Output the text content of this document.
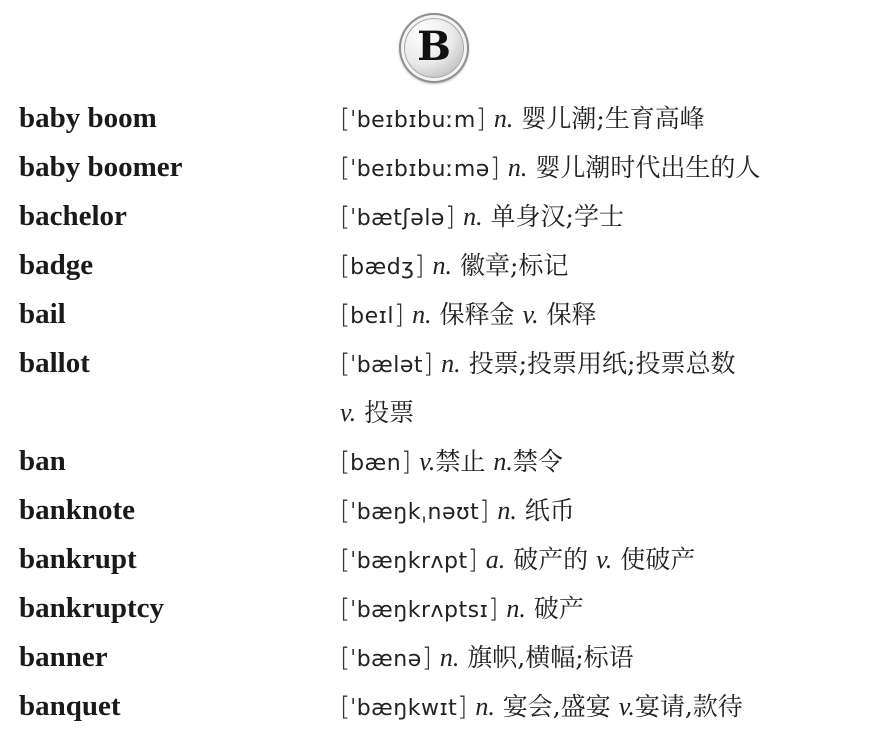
B
baby boom	[ˈbeɪbɪbuːm] n. 婴儿潮;生育高峰
baby boomer	[ˈbeɪbɪbuːmə] n. 婴儿潮时代出生的人
bachelor	[ˈbætʃələ] n. 单身汉;学士
badge	[bædʒ] n. 徽章;标记
bail	[beɪl] n. 保释金 v. 保释
ballot	[ˈbælət] n. 投票;投票用纸;投票总数
v. 投票
ban	[bæn] v.禁止 n.禁令
banknote	[ˈbæŋkˌnəʊt] n. 纸币
bankrupt	[ˈbæŋkrʌpt] a. 破产的 v. 使破产
bankruptcy	[ˈbæŋkrʌptsɪ] n. 破产
banner	[ˈbænə] n. 旗帜,横幅;标语
banquet	[ˈbæŋkwɪt] n. 宴会,盛宴 v.宴请,款待
